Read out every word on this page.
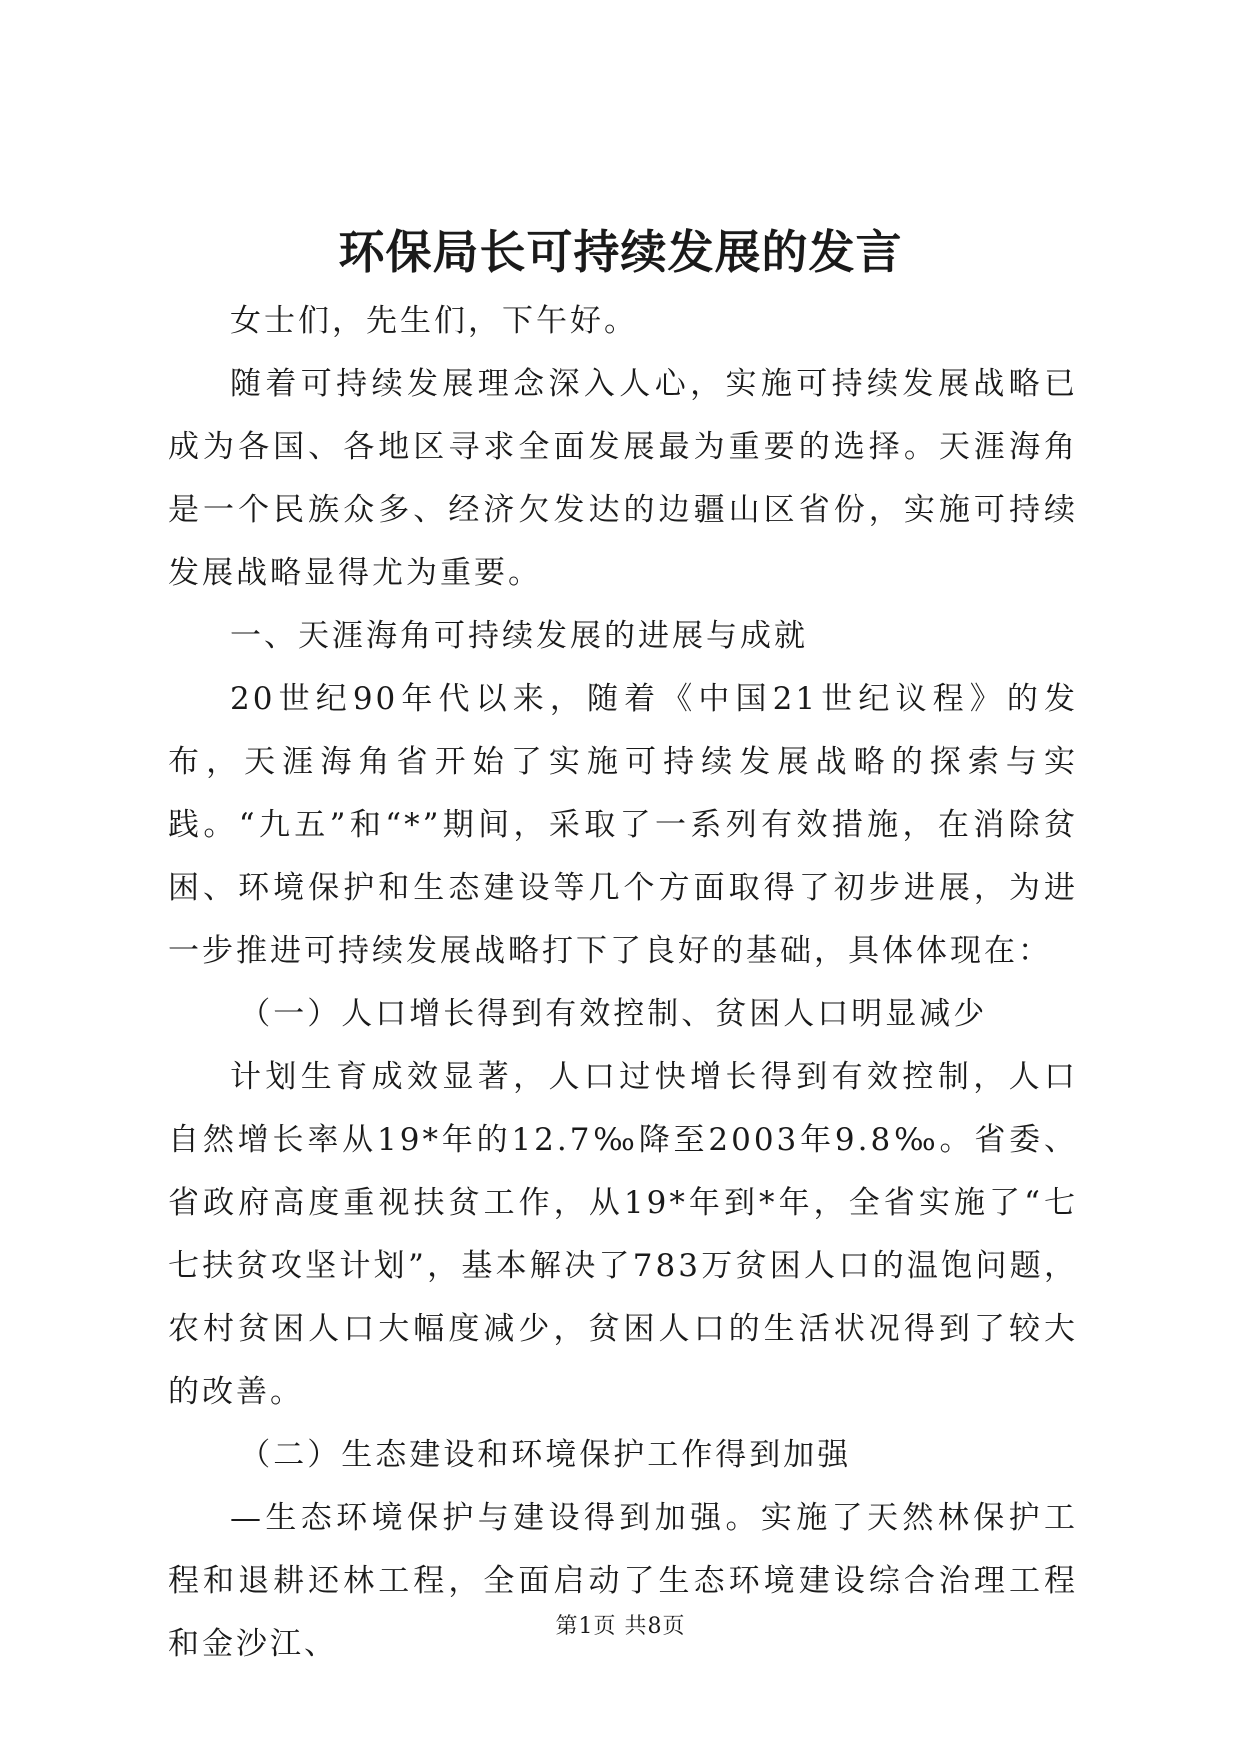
环保局长可持续发展的发言

女士们，先生们，下午好。

随着可持续发展理念深入人心，实施可持续发展战略已成为各国、各地区寻求全面发展最为重要的选择。天涯海角是一个民族众多、经济欠发达的边疆山区省份，实施可持续发展战略显得尤为重要。

一、天涯海角可持续发展的进展与成就

20世纪90年代以来，随着《中国21世纪议程》的发布，天涯海角省开始了实施可持续发展战略的探索与实践。“九五”和“*”期间，采取了一系列有效措施，在消除贫困、环境保护和生态建设等几个方面取得了初步进展，为进一步推进可持续发展战略打下了良好的基础，具体体现在：

（一）人口增长得到有效控制、贫困人口明显减少

计划生育成效显著，人口过快增长得到有效控制，人口自然增长率从19*年的12.7‰降至2003年9.8‰。省委、省政府高度重视扶贫工作，从19*年到*年，全省实施了“七七扶贫攻坚计划”，基本解决了783万贫困人口的温饱问题，农村贫困人口大幅度减少，贫困人口的生活状况得到了较大的改善。

（二）生态建设和环境保护工作得到加强

—生态环境保护与建设得到加强。实施了天然林保护工程和退耕还林工程，全面启动了生态环境建设综合治理工程和金沙江、	第1页 共8页
